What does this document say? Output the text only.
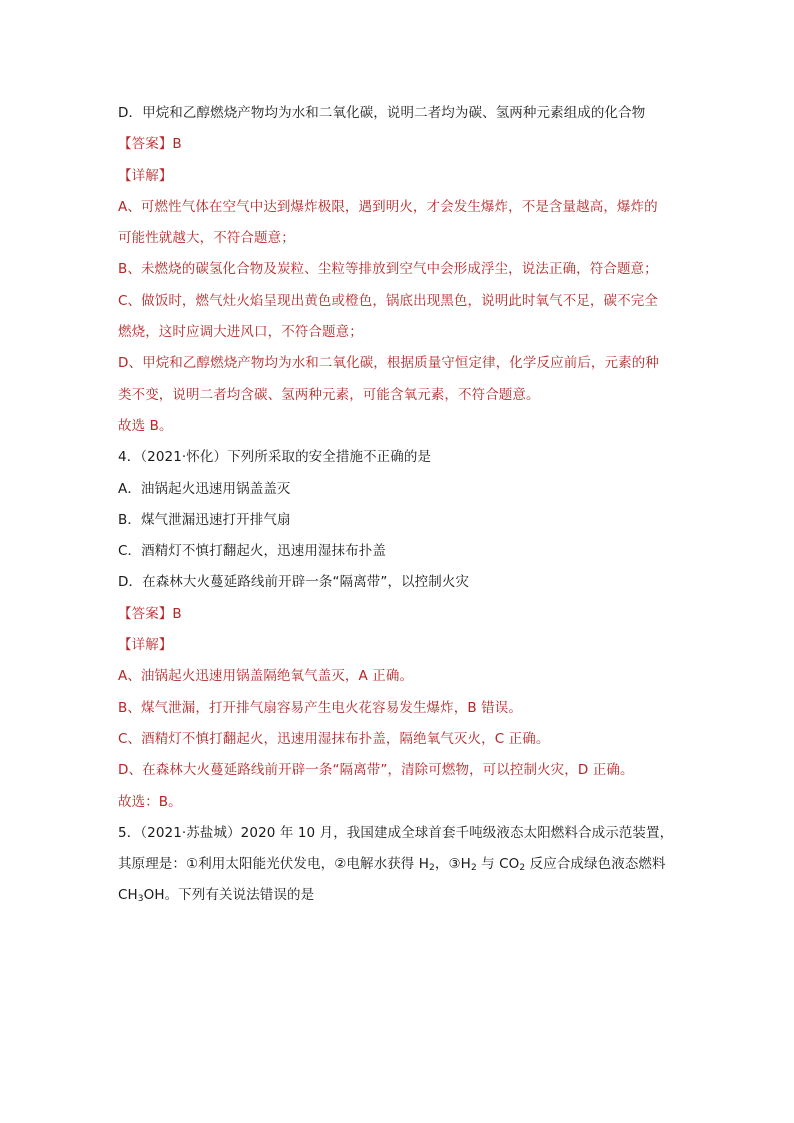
D．甲烷和乙醇燃烧产物均为水和二氧化碳，说明二者均为碳、氢两种元素组成的化合物
【答案】B
【详解】
A、可燃性气体在空气中达到爆炸极限，遇到明火，才会发生爆炸，不是含量越高，爆炸的
可能性就越大，不符合题意；
B、未燃烧的碳氢化合物及炭粒、尘粒等排放到空气中会形成浮尘，说法正确，符合题意；
C、做饭时，燃气灶火焰呈现出黄色或橙色，锅底出现黑色，说明此时氧气不足，碳不完全
燃烧，这时应调大进风口，不符合题意；
D、甲烷和乙醇燃烧产物均为水和二氧化碳，根据质量守恒定律，化学反应前后，元素的种
类不变，说明二者均含碳、氢两种元素，可能含氧元素，不符合题意。
故选 B。
4．（2021·怀化）下列所采取的安全措施不正确的是
A．油锅起火迅速用锅盖盖灭
B．煤气泄漏迅速打开排气扇
C．酒精灯不慎打翻起火，迅速用湿抹布扑盖
D．在森林大火蔓延路线前开辟一条“隔离带”，以控制火灾
【答案】B
【详解】
A、油锅起火迅速用锅盖隔绝氧气盖灭，A 正确。
B、煤气泄漏，打开排气扇容易产生电火花容易发生爆炸，B 错误。
C、酒精灯不慎打翻起火，迅速用湿抹布扑盖，隔绝氧气灭火，C 正确。
D、在森林大火蔓延路线前开辟一条“隔离带”，清除可燃物，可以控制火灾，D 正确。
故选：B。
5．（2021·苏盐城）2020 年 10 月，我国建成全球首套千吨级液态太阳燃料合成示范装置，
其原理是：①利用太阳能光伏发电，②电解水获得 $H_2$，$③H_2$ 与 $CO_2$ 反应合成绿色液态燃料
$CH_3OH$。下列有关说法错误的是
